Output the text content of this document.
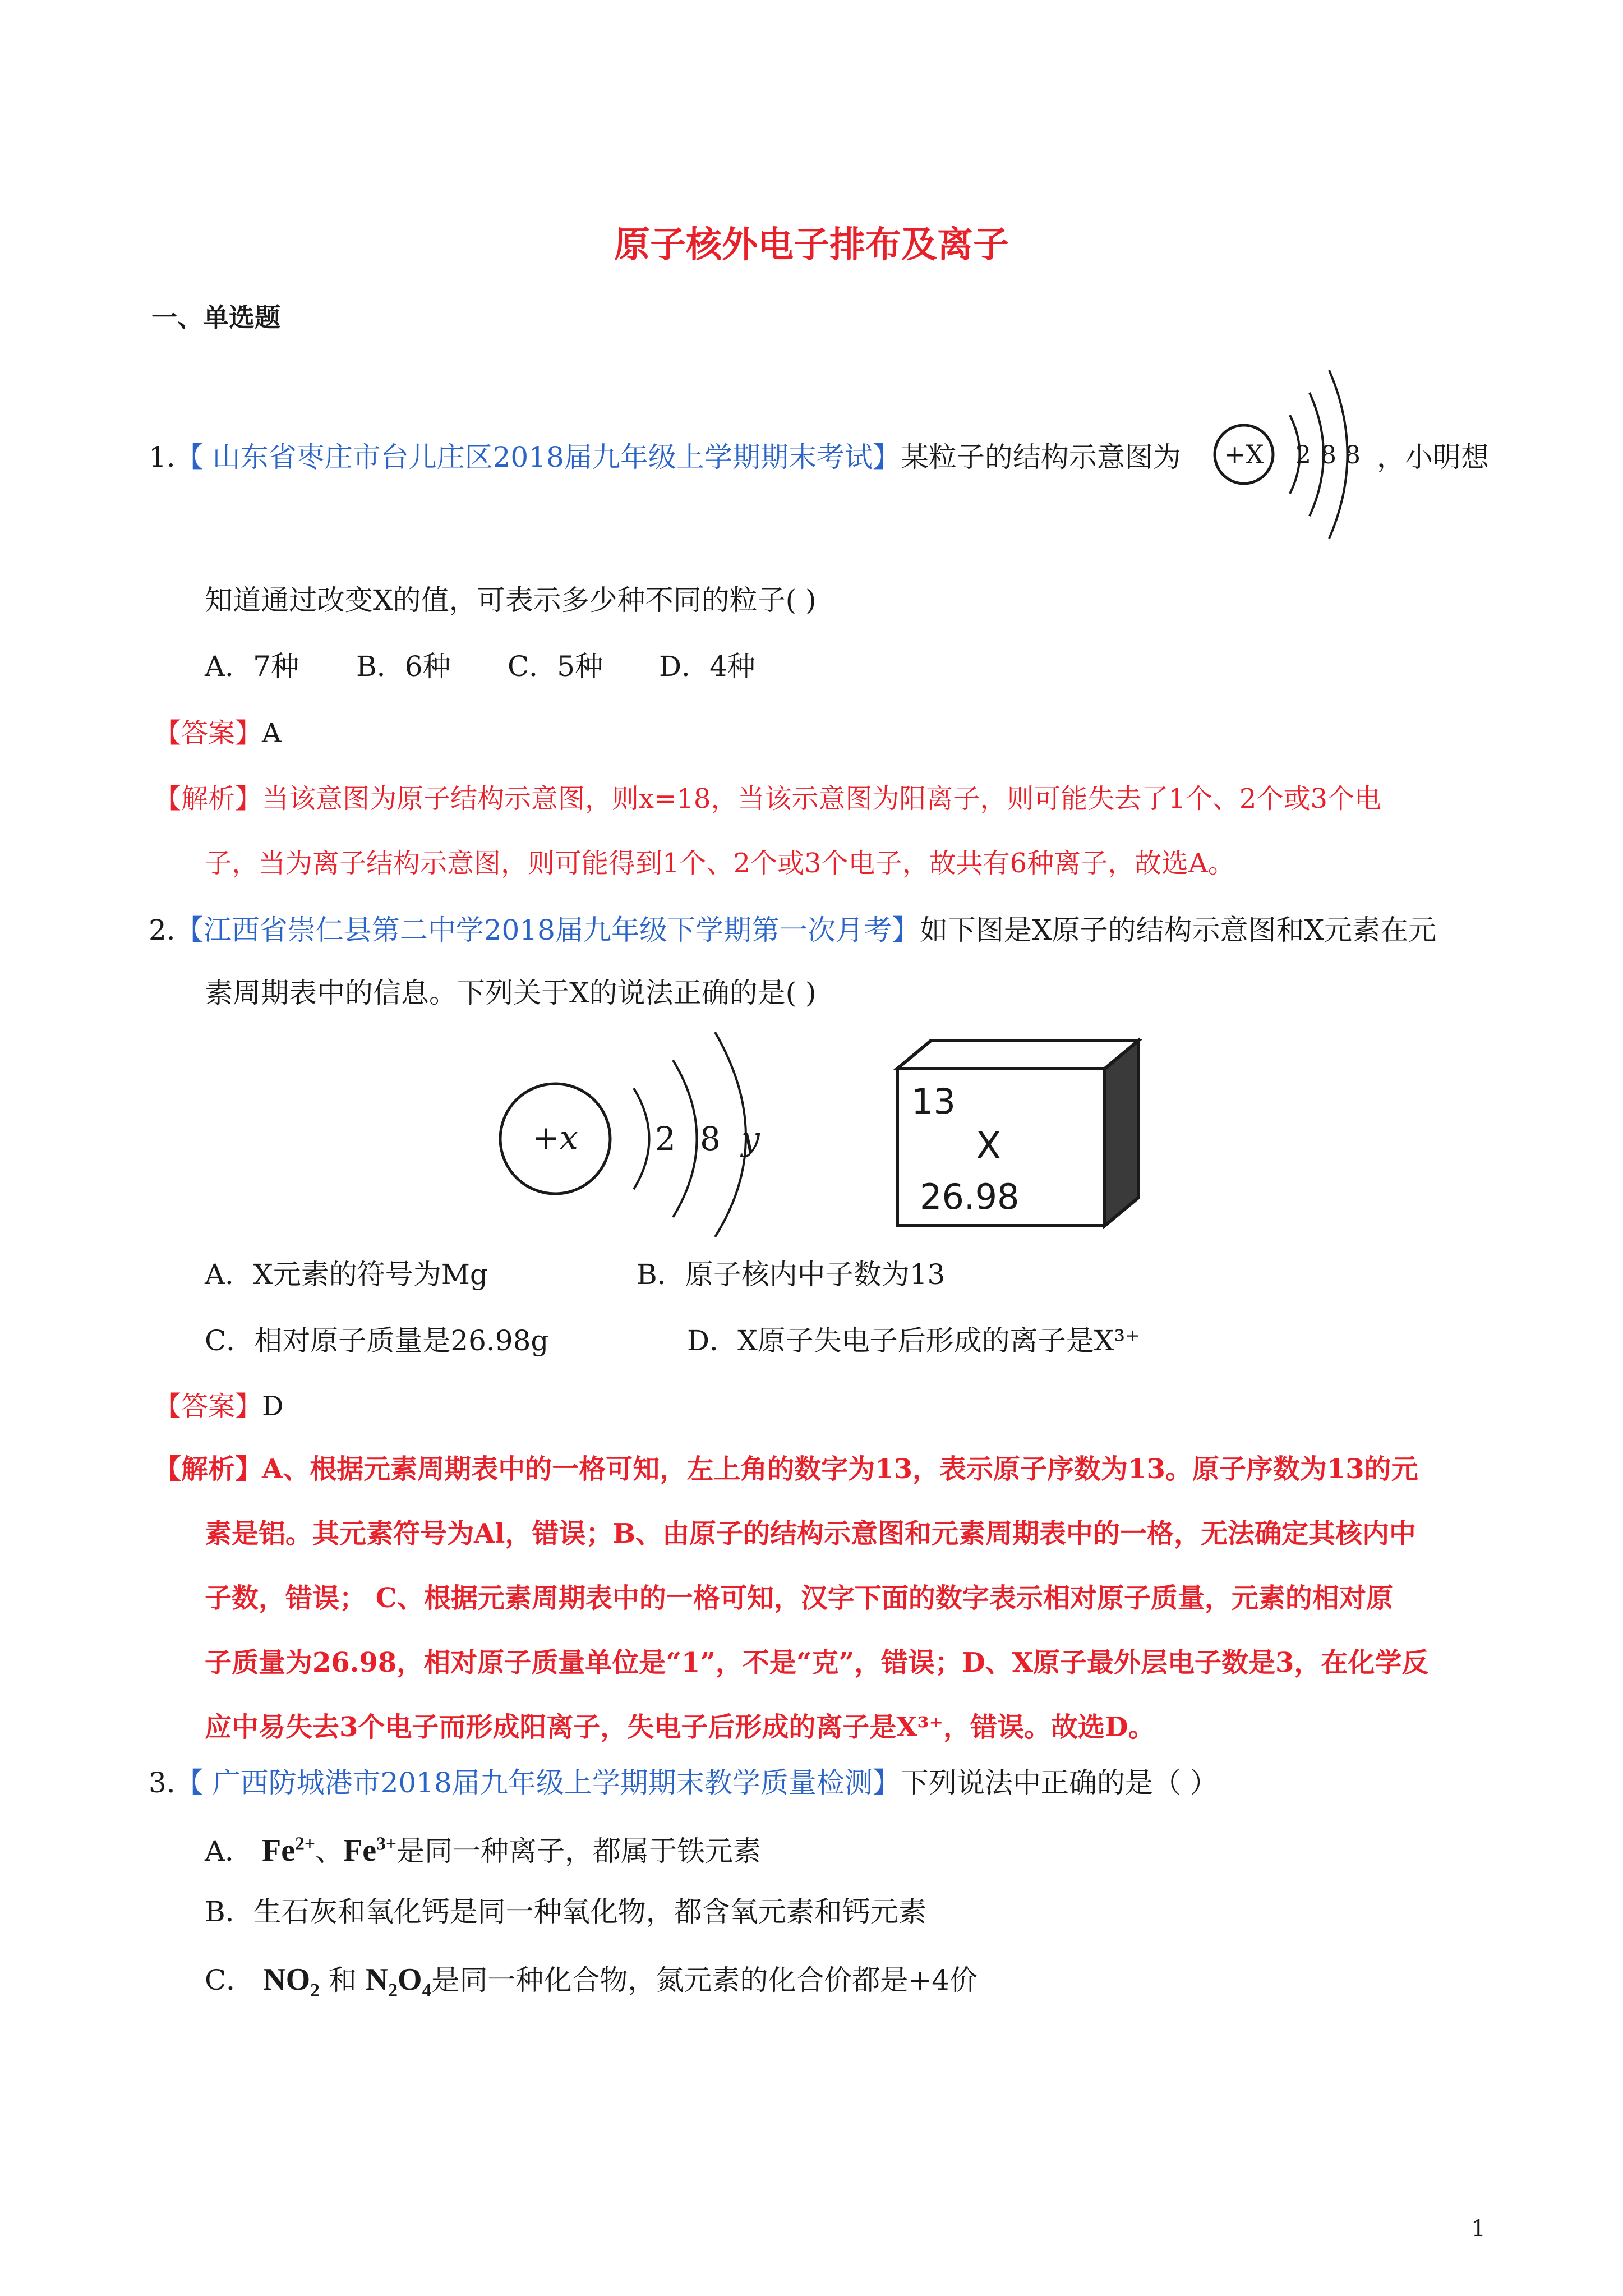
原子核外电子排布及离子
一、单选题
1.【 山东省枣庄市台儿庄区2018届九年级上学期期末考试】某粒子的结构示意图为 +X 2 8 8 ，小明想
知道通过改变X的值，可表示多少种不同的粒子( )
A．7种 B．6种 C．5种 D．4种
【答案】A
【解析】当该意图为原子结构示意图，则x=18，当该示意图为阳离子，则可能失去了1个、2个或3个电
子，当为离子结构示意图，则可能得到1个、2个或3个电子，故共有6种离子，故选A。
2.【江西省崇仁县第二中学2018届九年级下学期第一次月考】如下图是X原子的结构示意图和X元素在元
素周期表中的信息。下列关于X的说法正确的是( )
+x 2 8 y
13
X
26.98
A．X元素的符号为Mg	B．原子核内中子数为13
C．相对原子质量是26.98g	D．X原子失电子后形成的离子是X³⁺
【答案】D
【解析】A、根据元素周期表中的一格可知，左上角的数字为13，表示原子序数为13。原子序数为13的元
素是铝。其元素符号为Al，错误；B、由原子的结构示意图和元素周期表中的一格，无法确定其核内中
子数，错误； C、根据元素周期表中的一格可知，汉字下面的数字表示相对原子质量，元素的相对原
子质量为26.98，相对原子质量单位是“1”，不是“克”，错误；D、X原子最外层电子数是3，在化学反
应中易失去3个电子而形成阳离子，失电子后形成的离子是X³⁺，错误。故选D。
3.【 广西防城港市2018届九年级上学期期末教学质量检测】下列说法中正确的是（ ）
A． $Fe^{2+}$、$Fe^{3+}$是同一种离子，都属于铁元素
B．生石灰和氧化钙是同一种氧化物，都含氧元素和钙元素
C． $NO_2$ 和 $N_2O_4$是同一种化合物，氮元素的化合价都是+4价
1
